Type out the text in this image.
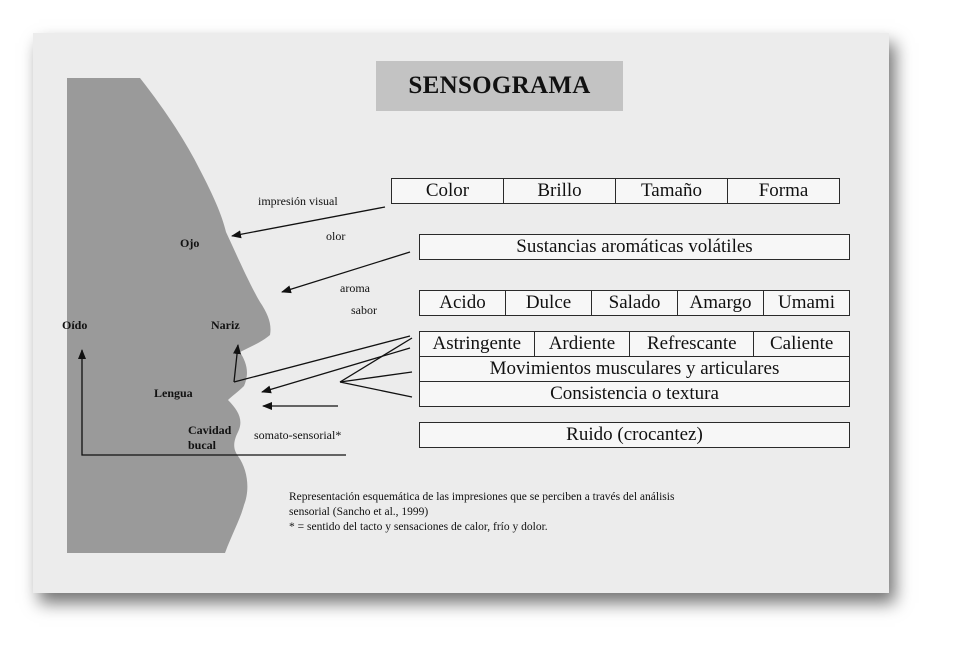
SENSOGRAMA
Color	Brillo	Tamaño	Forma
Sustancias aromáticas volátiles
Acido	Dulce	Salado	Amargo	Umami
Astringente	Ardiente	Refrescante	Caliente
Movimientos musculares y articulares
Consistencia o textura
Ruido (crocantez)
impresión visual
olor
aroma
sabor
somato-sensorial*
Ojo
Nariz
Oído
Lengua
Cavidad
bucal
Representación esquemática de las impresiones que se perciben a través del análisis
sensorial (Sancho et al., 1999)
* = sentido del tacto y sensaciones de calor, frío y dolor.
